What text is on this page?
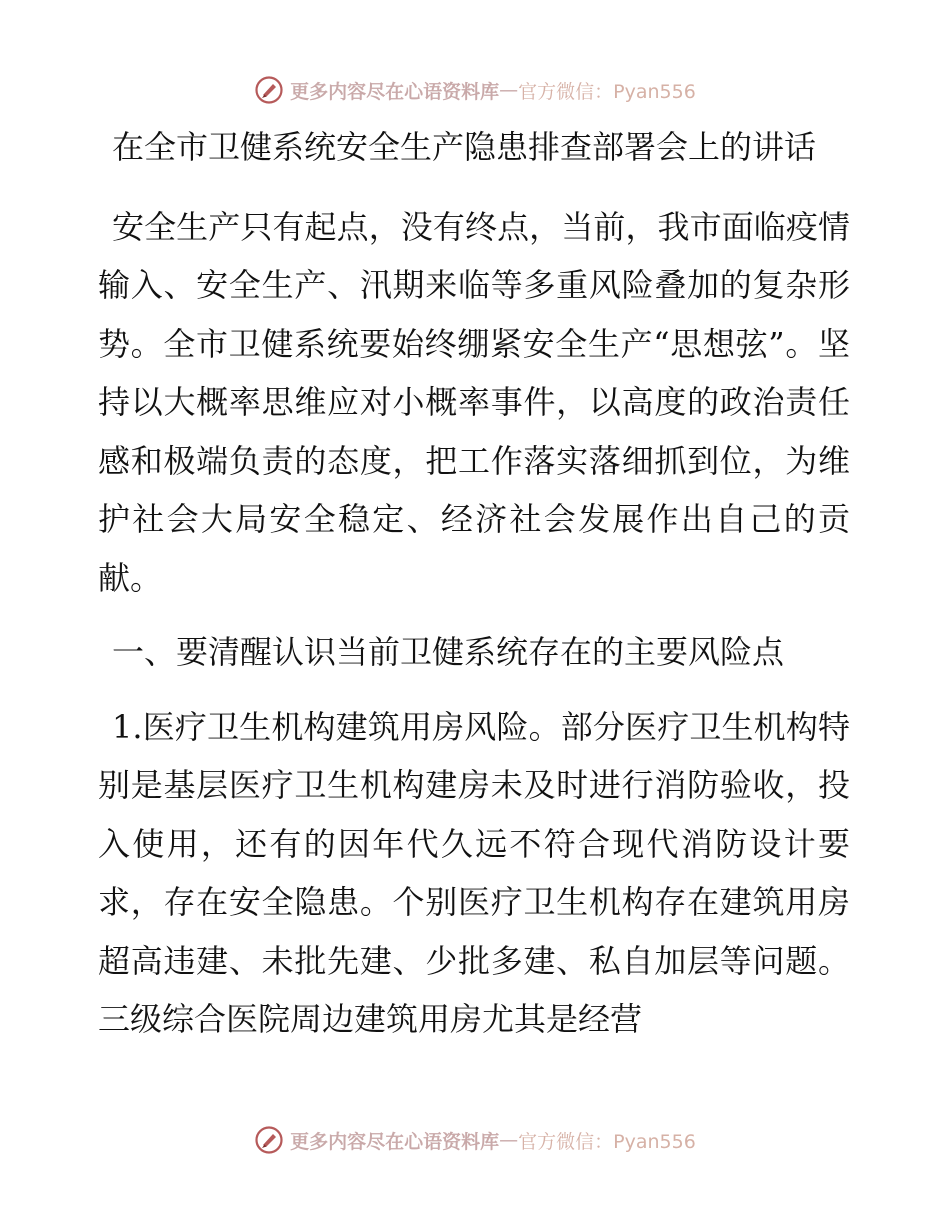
更多内容尽在心语资料库 — 官方微信：Pyan556

在全市卫健系统安全生产隐患排查部署会上的讲话

安全生产只有起点，没有终点，当前，我市面临疫情输入、安全生产、汛期来临等多重风险叠加的复杂形势。全市卫健系统要始终绷紧安全生产“思想弦”。坚持以大概率思维应对小概率事件，以高度的政治责任感和极端负责的态度，把工作落实落细抓到位，为维护社会大局安全稳定、经济社会发展作出自己的贡献。

一、要清醒认识当前卫健系统存在的主要风险点

1.医疗卫生机构建筑用房风险。部分医疗卫生机构特别是基层医疗卫生机构建房未及时进行消防验收，投入使用，还有的因年代久远不符合现代消防设计要求，存在安全隐患。个别医疗卫生机构存在建筑用房超高违建、未批先建、少批多建、私自加层等问题。三级综合医院周边建筑用房尤其是经营

更多内容尽在心语资料库 — 官方微信：Pyan556
